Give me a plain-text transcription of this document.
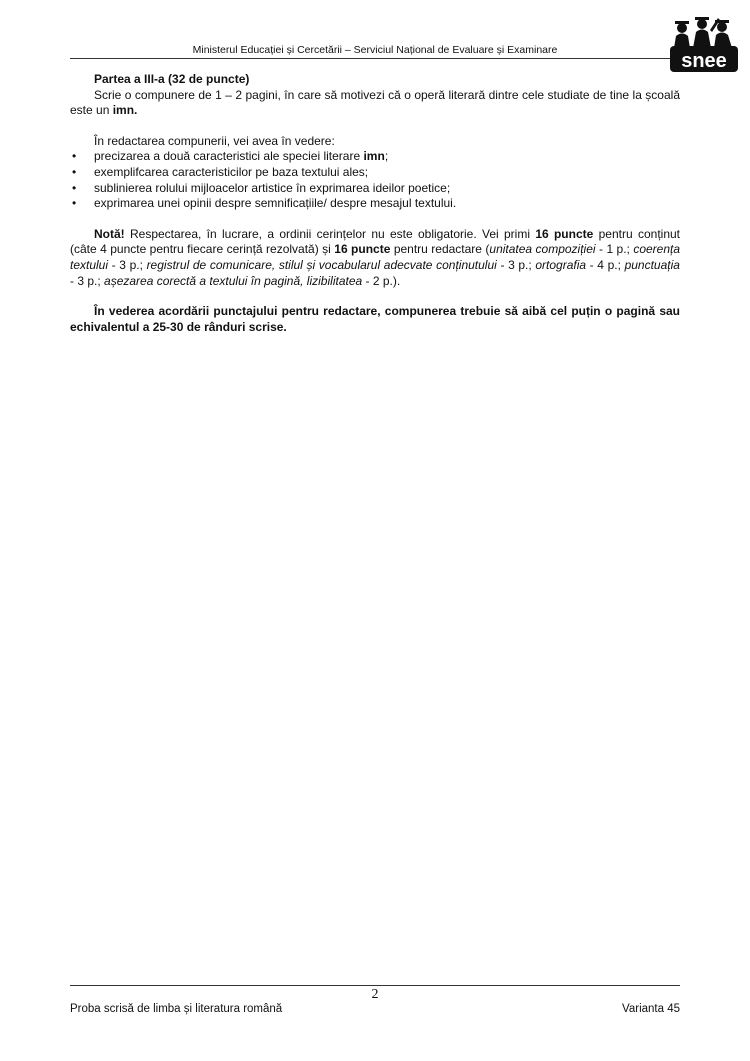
Ministerul Educației și Cercetării – Serviciul Național de Evaluare și Examinare	snee

Partea a III-a (32 de puncte)

Scrie o compunere de 1 – 2 pagini, în care să motivezi că o operă literară dintre cele studiate de tine la școală este un imn.

În redactarea compunerii, vei avea în vedere:

• precizarea a două caracteristici ale speciei literare imn;
• exemplifcarea caracteristicilor pe baza textului ales;
• sublinierea rolului mijloacelor artistice în exprimarea ideilor poetice;
• exprimarea unei opinii despre semnificațiile/ despre mesajul textului.

Notă! Respectarea, în lucrare, a ordinii cerințelor nu este obligatorie. Vei primi 16 puncte pentru conținut (câte 4 puncte pentru fiecare cerință rezolvată) și 16 puncte pentru redactare (unitatea compoziției - 1 p.; coerența textului - 3 p.; registrul de comunicare, stilul și vocabularul adecvate conținutului - 3 p.; ortografia - 4 p.; punctuația - 3 p.; așezarea corectă a textului în pagină, lizibilitatea - 2 p.).

În vederea acordării punctajului pentru redactare, compunerea trebuie să aibă cel puțin o pagină sau echivalentul a 25-30 de rânduri scrise.

2
Proba scrisă de limba și literatura română	Varianta 45
